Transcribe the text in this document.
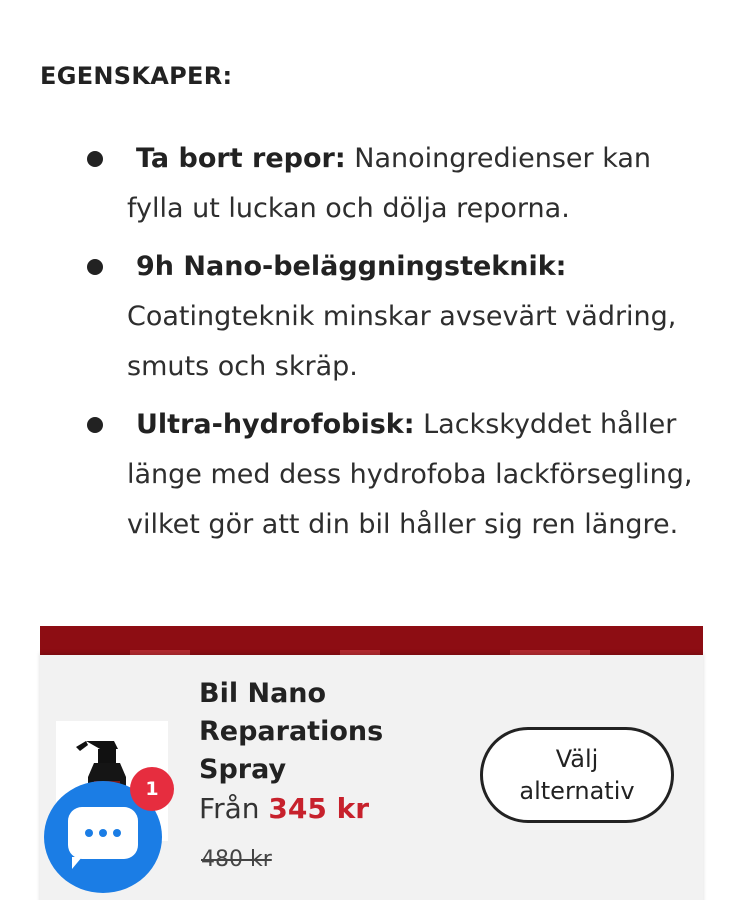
EGENSKAPER:
Ta bort repor: Nanoingredienser kan
fylla ut luckan och dölja reporna.
9h Nano-beläggningsteknik:
Coatingteknik minskar avsevärt vädring, smuts och skräp.
Ultra-hydrofobisk: Lackskyddet håller
länge med dess hydrofoba lackförsegling, vilket gör att din bil håller sig ren längre.
Bil Nano Reparations Spray
Från 345 kr
480 kr
Välj alternativ
1
